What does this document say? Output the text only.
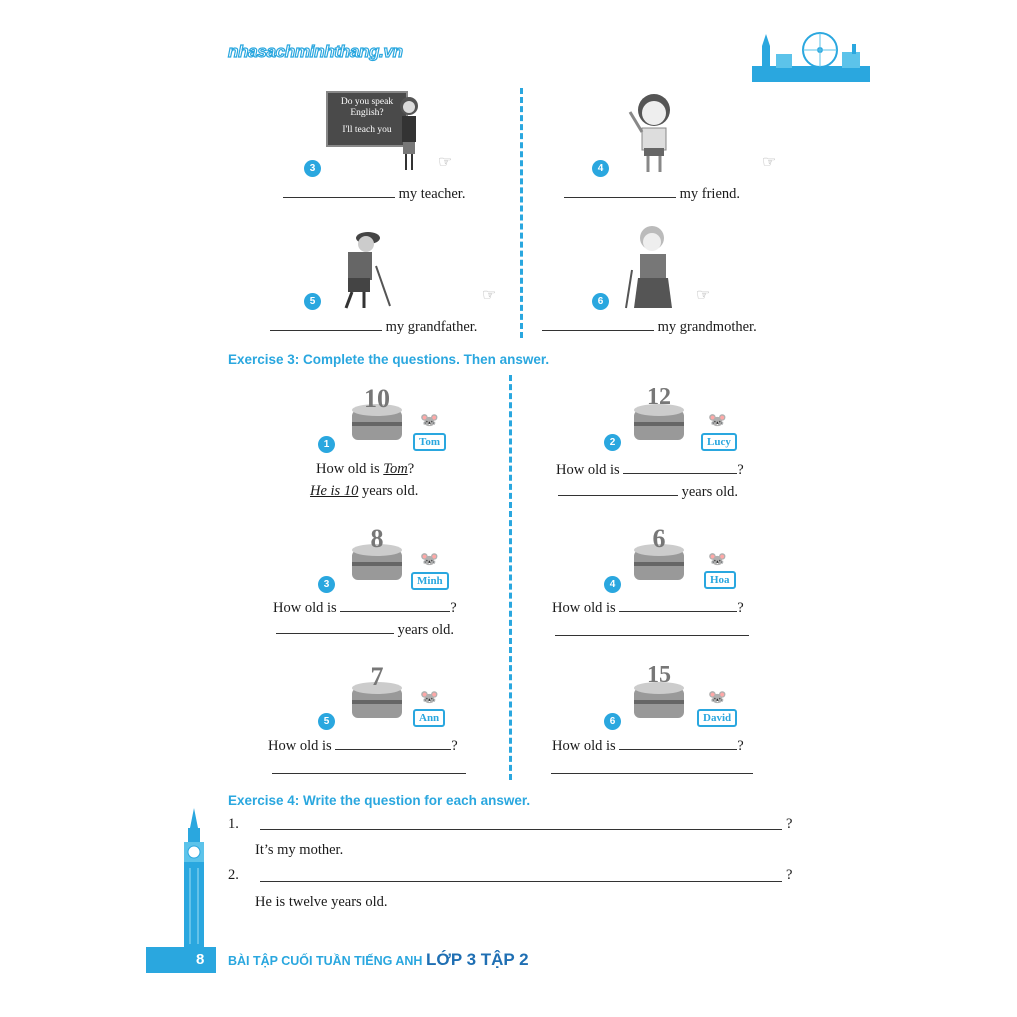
nhasachminhthang.vn
Do you speak
English?
I'll teach you
3	☞
my teacher.
4	☞
my friend.
5	☞
my grandfather.
6	☞
my grandmother.
Exercise 3: Complete the questions. Then answer.
10
Tom
1
How old is Tom?
He is 10 years old.
12
Lucy
2
How old is	?
years old.
8
Minh
3
How old is	?
years old.
6
Hoa
4
How old is	?
7
Ann
5
How old is	?
15
David
6
How old is	?
🐭	🐭
🐭	🐭
🐭	🐭
Exercise 4: Write the question for each answer.
1.	?
It’s my mother.
2.	?
He is twelve years old.
8 BÀI TẬP CUỐI TUẦN TIẾNG ANH LỚP 3 TẬP 2
